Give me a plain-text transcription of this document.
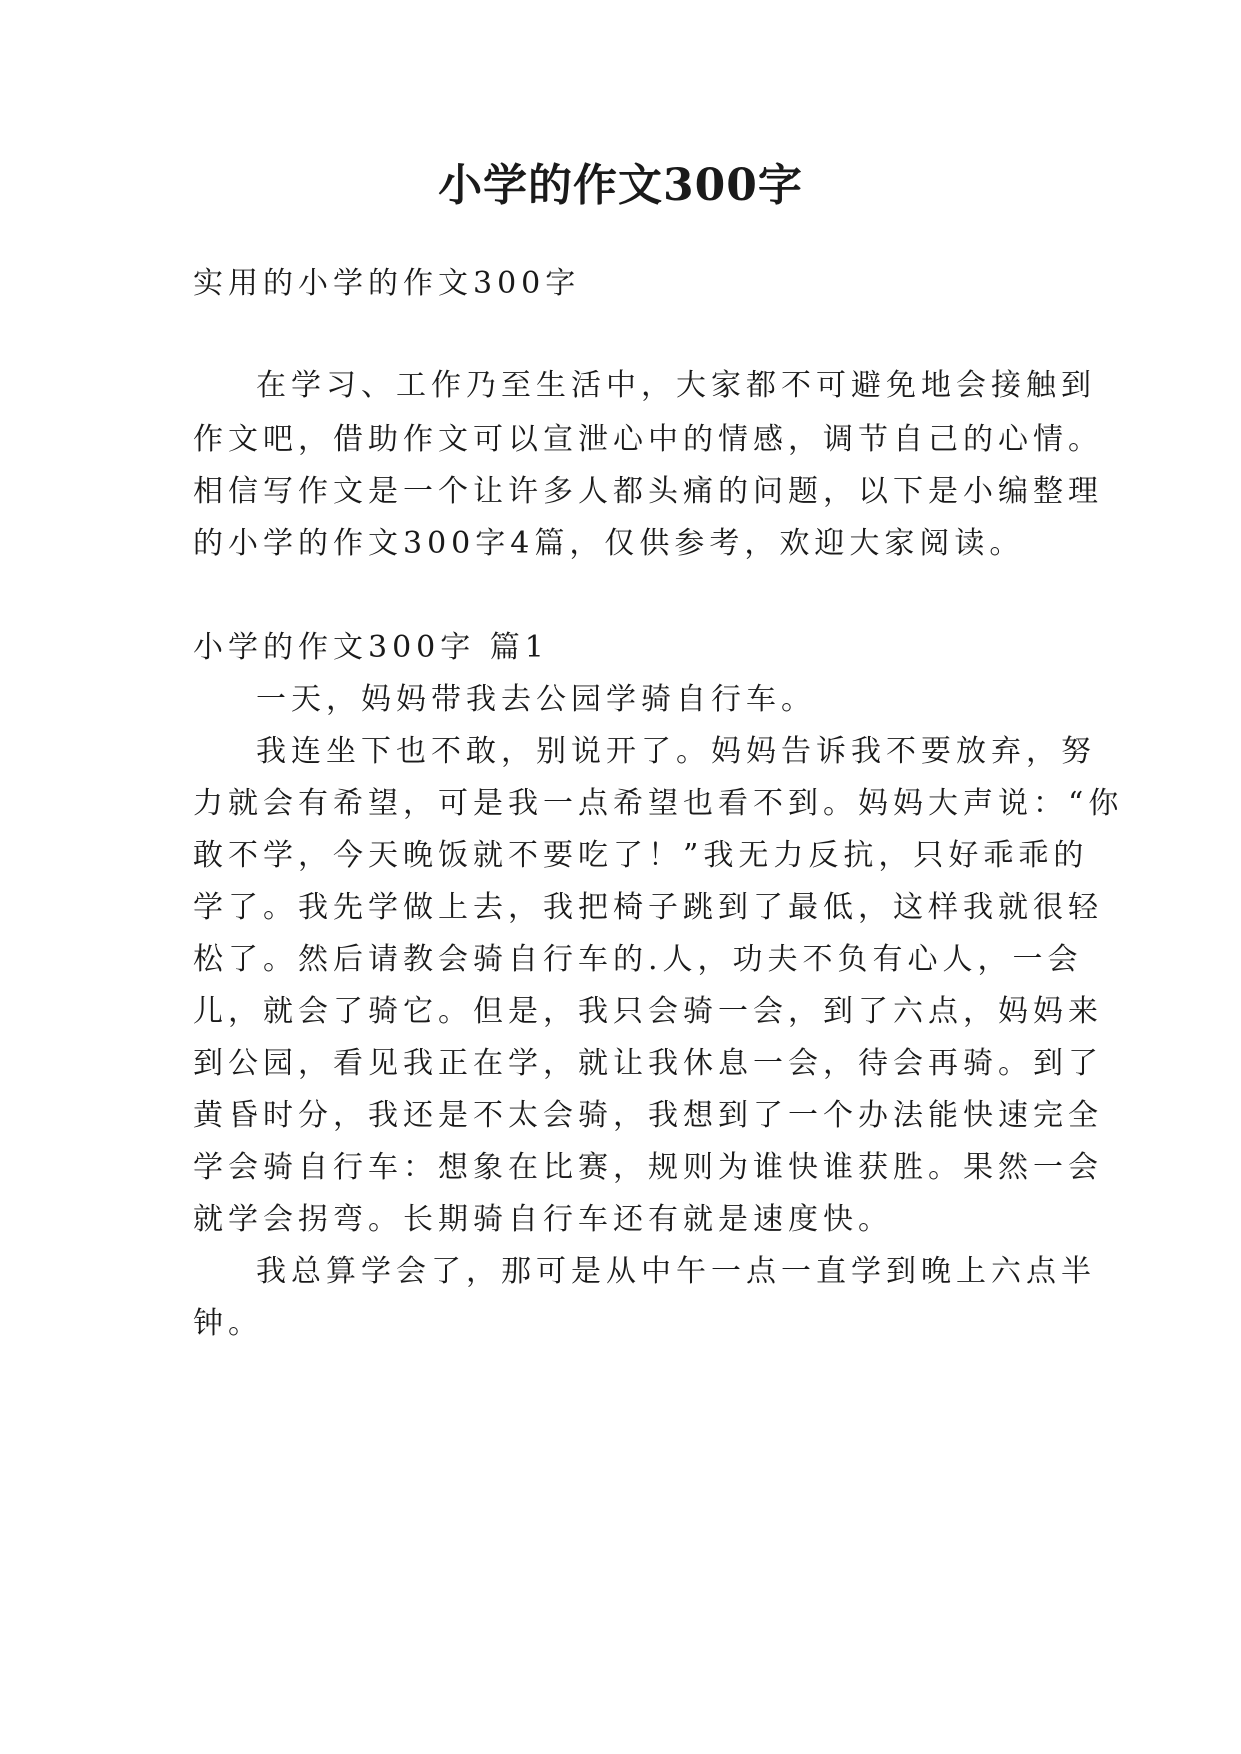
小学的作文300字

实用的小学的作文300字

在学习、工作乃至生活中，大家都不可避免地会接触到

作文吧，借助作文可以宣泄心中的情感，调节自己的心情。

相信写作文是一个让许多人都头痛的问题，以下是小编整理

的小学的作文300字4篇，仅供参考，欢迎大家阅读。

小学的作文300字 篇1

一天，妈妈带我去公园学骑自行车。

我连坐下也不敢，别说开了。妈妈告诉我不要放弃，努

力就会有希望，可是我一点希望也看不到。妈妈大声说：“你

敢不学，今天晚饭就不要吃了！”我无力反抗，只好乖乖的

学了。我先学做上去，我把椅子跳到了最低，这样我就很轻

松了。然后请教会骑自行车的.人，功夫不负有心人，一会

儿，就会了骑它。但是，我只会骑一会，到了六点，妈妈来

到公园，看见我正在学，就让我休息一会，待会再骑。到了

黄昏时分，我还是不太会骑，我想到了一个办法能快速完全

学会骑自行车：想象在比赛，规则为谁快谁获胜。果然一会

就学会拐弯。长期骑自行车还有就是速度快。

我总算学会了，那可是从中午一点一直学到晚上六点半

钟。
